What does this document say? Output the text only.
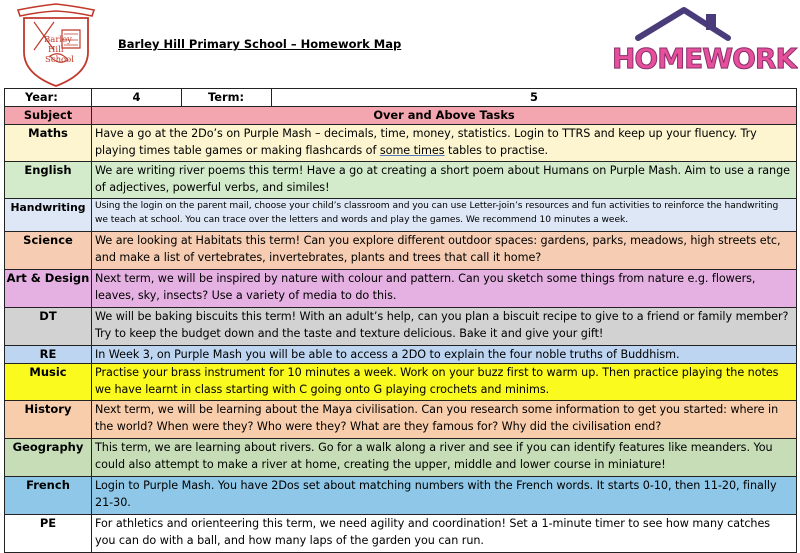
Barley
Hill
School
Barley Hill Primary School – Homework Map	HOMEWORK
Year:	4	Term:	5
Subject	Over and Above Tasks		
Maths	Have a go at the 2Do’s on Purple Mash – decimals, time, money, statistics. Login to TTRS and keep up your fluency. Try playing times table games or making flashcards of some times tables to practise.		
English	We are writing river poems this term! Have a go at creating a short poem about Humans on Purple Mash. Aim to use a range of adjectives, powerful verbs, and similes!		
Handwriting	Using the login on the parent mail, choose your child’s classroom and you can use Letter-join’s resources and fun activities to reinforce the handwriting we teach at school. You can trace over the letters and words and play the games. We recommend 10 minutes a week.		
Science	We are looking at Habitats this term! Can you explore different outdoor spaces: gardens, parks, meadows, high streets etc, and make a list of vertebrates, invertebrates, plants and trees that call it home?		
Art & Design	Next term, we will be inspired by nature with colour and pattern. Can you sketch some things from nature e.g. flowers, leaves, sky, insects? Use a variety of media to do this.		
DT	We will be baking biscuits this term! With an adult’s help, can you plan a biscuit recipe to give to a friend or family member? Try to keep the budget down and the taste and texture delicious. Bake it and give your gift!		
RE	In Week 3, on Purple Mash you will be able to access a 2DO to explain the four noble truths of Buddhism.		
Music	Practise your brass instrument for 10 minutes a week. Work on your buzz first to warm up. Then practice playing the notes we have learnt in class starting with C going onto G playing crochets and minims.		
History	Next term, we will be learning about the Maya civilisation. Can you research some information to get you started: where in the world? When were they? Who were they? What are they famous for? Why did the civilisation end?		
Geography	This term, we are learning about rivers. Go for a walk along a river and see if you can identify features like meanders. You could also attempt to make a river at home, creating the upper, middle and lower course in miniature!		
French	Login to Purple Mash. You have 2Dos set about matching numbers with the French words. It starts 0-10, then 11-20, finally 21-30.		
PE	For athletics and orienteering this term, we need agility and coordination! Set a 1-minute timer to see how many catches you can do with a ball, and how many laps of the garden you can run.		
